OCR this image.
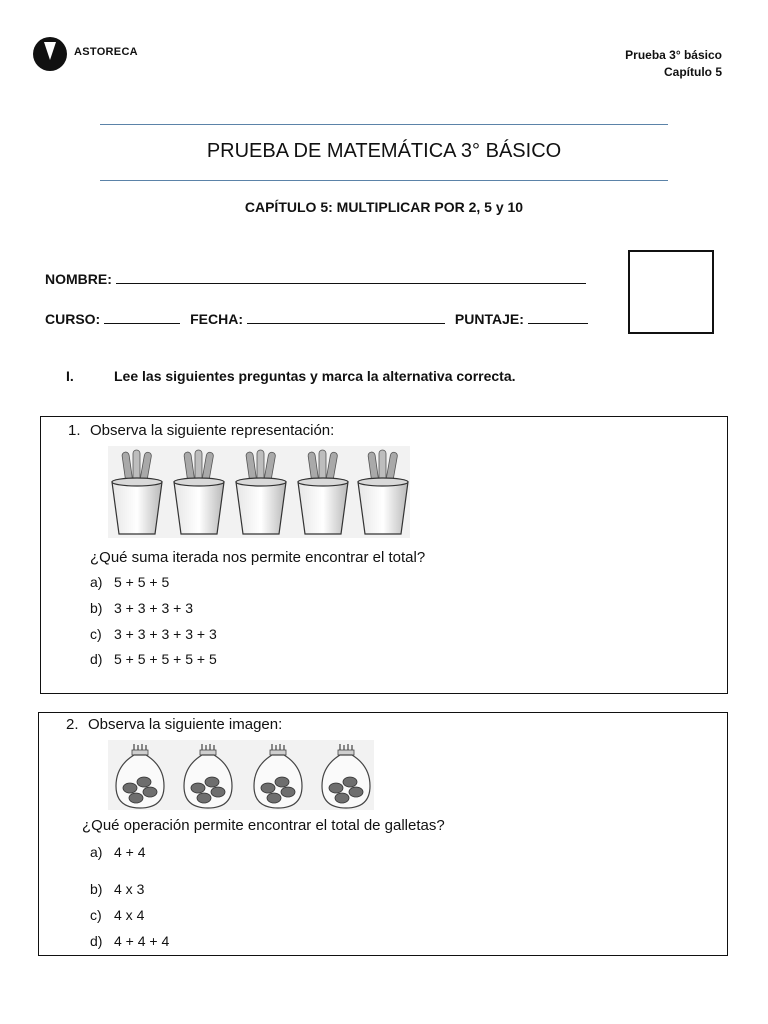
ASTORECA	Prueba 3° básico
Capítulo 5
PRUEBA DE MATEMÁTICA 3° BÁSICO
CAPÍTULO 5: MULTIPLICAR POR 2, 5 y 10
NOMBRE:
CURSO:	FECHA:	PUNTAJE:
I.	Lee las siguientes preguntas y marca la alternativa correcta.
1. Observa la siguiente representación:
¿Qué suma iterada nos permite encontrar el total?
a) 5 + 5 + 5
b) 3 + 3 + 3 + 3
c) 3 + 3 + 3 + 3 + 3
d) 5 + 5 + 5 + 5 + 5
2. Observa la siguiente imagen:
¿Qué operación permite encontrar el total de galletas?
a) 4 + 4
b) 4 x 3
c) 4 x 4
d) 4 + 4 + 4
